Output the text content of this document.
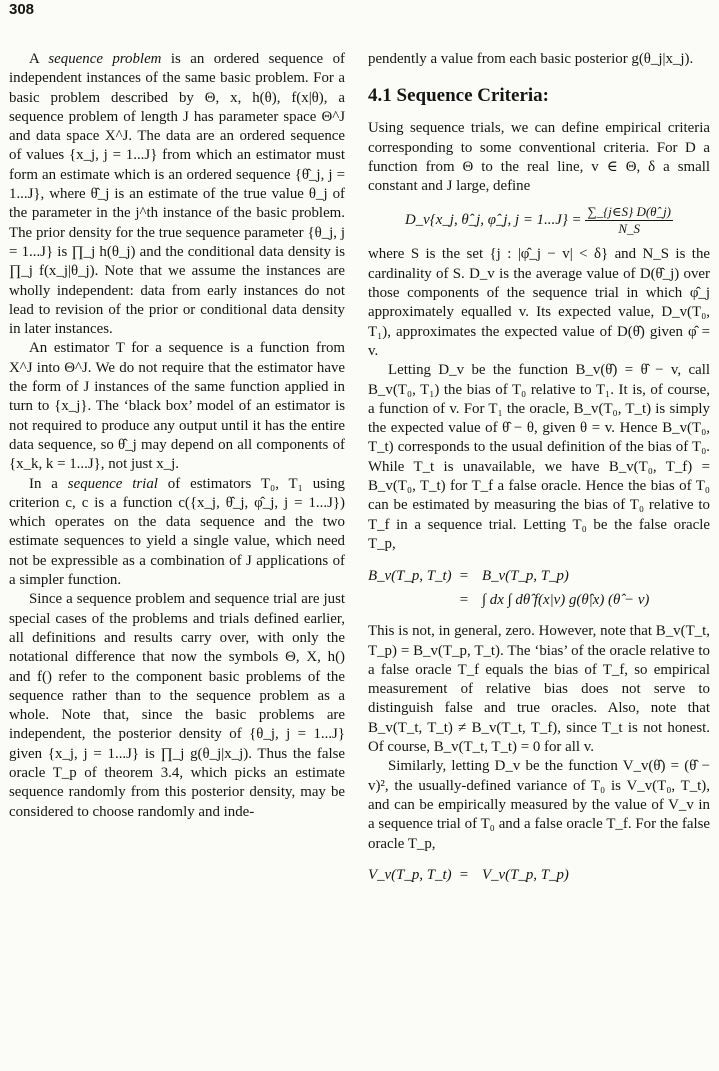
308

A sequence problem is an ordered sequence of independent instances of the same basic problem. For a basic problem described by Θ, x, h(θ), f(x|θ), a sequence problem of length J has parameter space Θ^J and data space X^J. The data are an ordered sequence of values {x_j, j = 1...J} from which an estimator must form an estimate which is an ordered sequence {θ̂_j, j = 1...J}, where θ̂_j is an estimate of the true value θ_j of the parameter in the j^th instance of the basic problem. The prior density for the true sequence parameter {θ_j, j = 1...J} is ∏_j h(θ_j) and the conditional data density is ∏_j f(x_j|θ_j). Note that we assume the instances are wholly independent: data from early instances do not lead to revision of the prior or conditional data density in later instances.

An estimator T for a sequence is a function from X^J into Θ^J. We do not require that the estimator have the form of J instances of the same function applied in turn to {x_j}. The ‘black box’ model of an estimator is not required to produce any output until it has the entire data sequence, so θ̂_j may depend on all components of {x_k, k = 1...J}, not just x_j.

In a sequence trial of estimators T₀, T₁ using criterion c, c is a function c({x_j, θ̂_j, φ̂_j, j = 1...J}) which operates on the data sequence and the two estimate sequences to yield a single value, which need not be expressible as a combination of J applications of a simpler function.

Since a sequence problem and sequence trial are just special cases of the problems and trials defined earlier, all definitions and results carry over, with only the notational difference that now the symbols Θ, X, h() and f() refer to the component basic problems of the sequence rather than to the sequence problem as a whole. Note that, since the basic problems are independent, the posterior density of {θ_j, j = 1...J} given {x_j, j = 1...J} is ∏_j g(θ_j|x_j). Thus the false oracle T_p of theorem 3.4, which picks an estimate sequence randomly from this posterior density, may be considered to choose randomly and inde-

pendently a value from each basic posterior g(θ_j|x_j).

4.1 Sequence Criteria:

Using sequence trials, we can define empirical criteria corresponding to some conventional criteria. For D a function from Θ to the real line, v ∈ Θ, δ a small constant and J large, define

D_v{x_j, θ̂_j, φ̂_j, $j = 1...J\} = \frac{\sum\_\{j\in S\} D(\thetâ\_j)}{N\_S}$

where S is the set {j : |φ̂_j − v| < δ} and N_S is the cardinality of S. D_v is the average value of D(θ̂_j) over those components of the sequence trial in which φ̂_j approximately equalled v. Its expected value, D_v(T₀, T₁), approximates the expected value of D(θ̂) given φ̂ = v.

Letting D_v be the function B_v(θ̂) = θ̂ − v, call B_v(T₀, T₁) the bias of T₀ relative to T₁. It is, of course, a function of v. For T₁ the oracle, B_v(T₀, T_t) is simply the expected value of θ̂ − θ, given θ = v. Hence B_v(T₀, T_t) corresponds to the usual definition of the bias of T₀. While T_t is unavailable, we have B_v(T₀, T_f) = B_v(T₀, T_t) for T_f a false oracle. Hence the bias of T₀ can be estimated by measuring the bias of T₀ relative to T_f in a sequence trial. Letting T₀ be the false oracle T_p,

B_v(T_p, T_t) = B_v(T_p, T_p)
= ∫ dx ∫ dθ̂ f(x|v) g(θ̂|x) (θ̂ − v)

This is not, in general, zero. However, note that B_v(T_t, T_p) = B_v(T_p, T_t). The ‘bias’ of the oracle relative to a false oracle T_f equals the bias of T_f, so empirical measurement of relative bias does not serve to distinguish false and true oracles. Also, note that B_v(T_t, T_t) ≠ B_v(T_t, T_f), since T_t is not honest. Of course, B_v(T_t, T_t) = 0 for all v.

Similarly, letting D_v be the function V_v(θ̂) = (θ̂ − v)², the usually-defined variance of T₀ is V_v(T₀, T_t), and can be empirically measured by the value of V_v in a sequence trial of T₀ and a false oracle T_f. For the false oracle T_p,

V_v(T_p, T_t) = V_v(T_p, T_p)
